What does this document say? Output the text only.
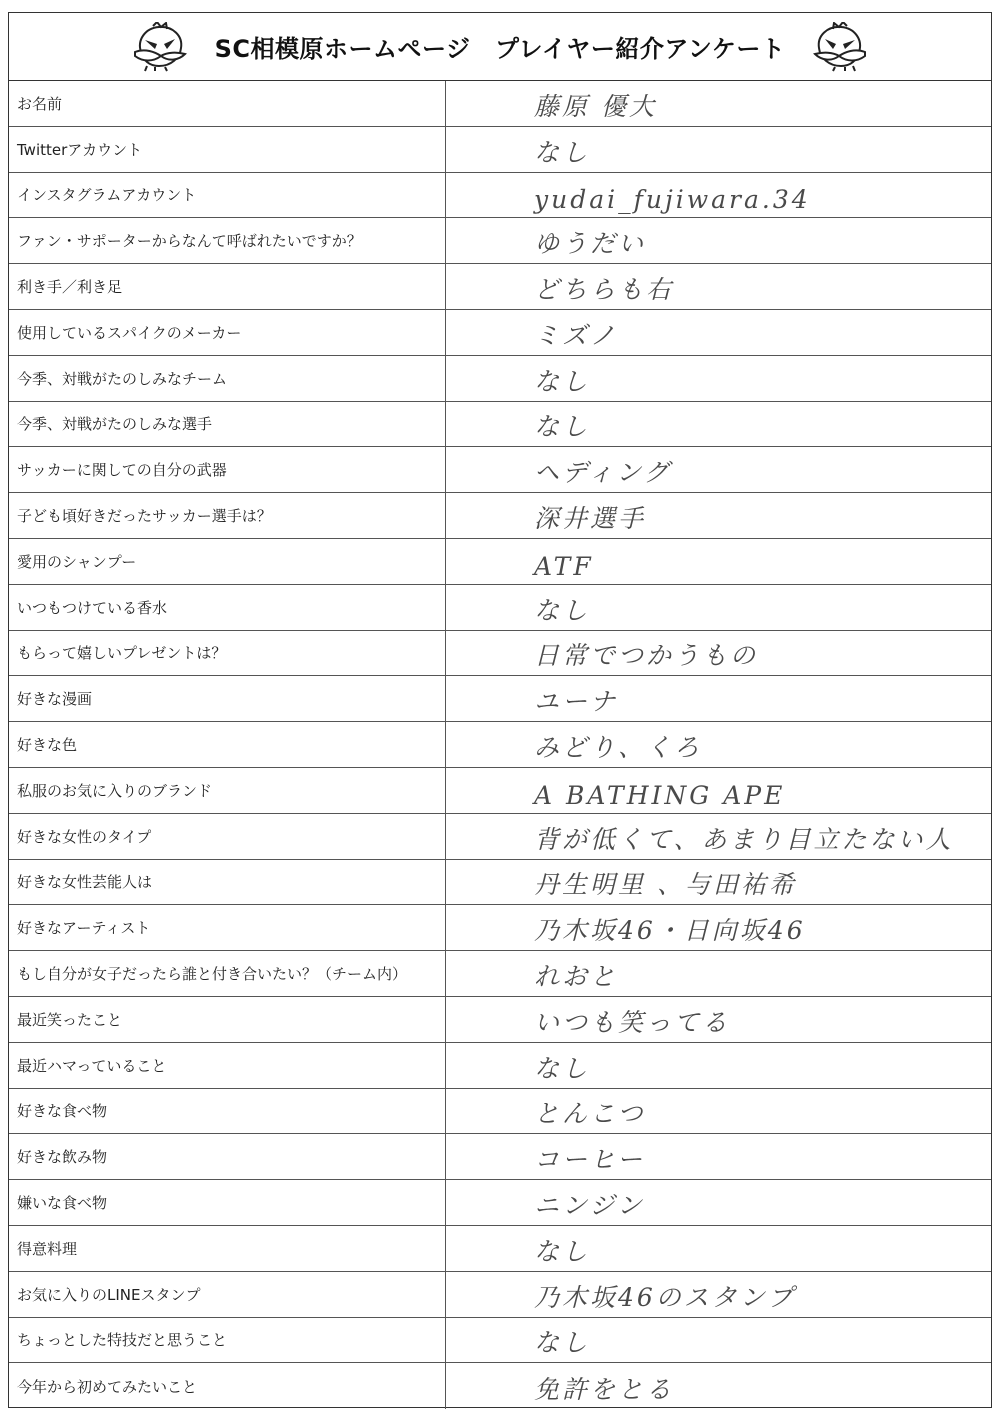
SC相模原ホームページ　プレイヤー紹介アンケート
お名前	藤原 優大
Twitterアカウント	なし
インスタグラムアカウント	yudai_fujiwara.34
ファン・サポーターからなんて呼ばれたいですか？	ゆうだい
利き手／利き足	どちらも右
使用しているスパイクのメーカー	ミズノ
今季、対戦がたのしみなチーム	なし
今季、対戦がたのしみな選手	なし
サッカーに関しての自分の武器	ヘディング
子ども頃好きだったサッカー選手は？	深井選手
愛用のシャンプー	ATF
いつもつけている香水	なし
もらって嬉しいプレゼントは？	日常でつかうもの
好きな漫画	ユーナ
好きな色	みどり、くろ
私服のお気に入りのブランド	A BATHING APE
好きな女性のタイプ	背が低くて、あまり目立たない人
好きな女性芸能人は	丹生明里 、与田祐希
好きなアーティスト	乃木坂46・日向坂46
もし自分が女子だったら誰と付き合いたい？（チーム内）	れおと
最近笑ったこと	いつも笑ってる
最近ハマっていること	なし
好きな食べ物	とんこつ
好きな飲み物	コーヒー
嫌いな食べ物	ニンジン
得意料理	なし
お気に入りのLINEスタンプ	乃木坂46のスタンプ
ちょっとした特技だと思うこと	なし
今年から初めてみたいこと	免許をとる
